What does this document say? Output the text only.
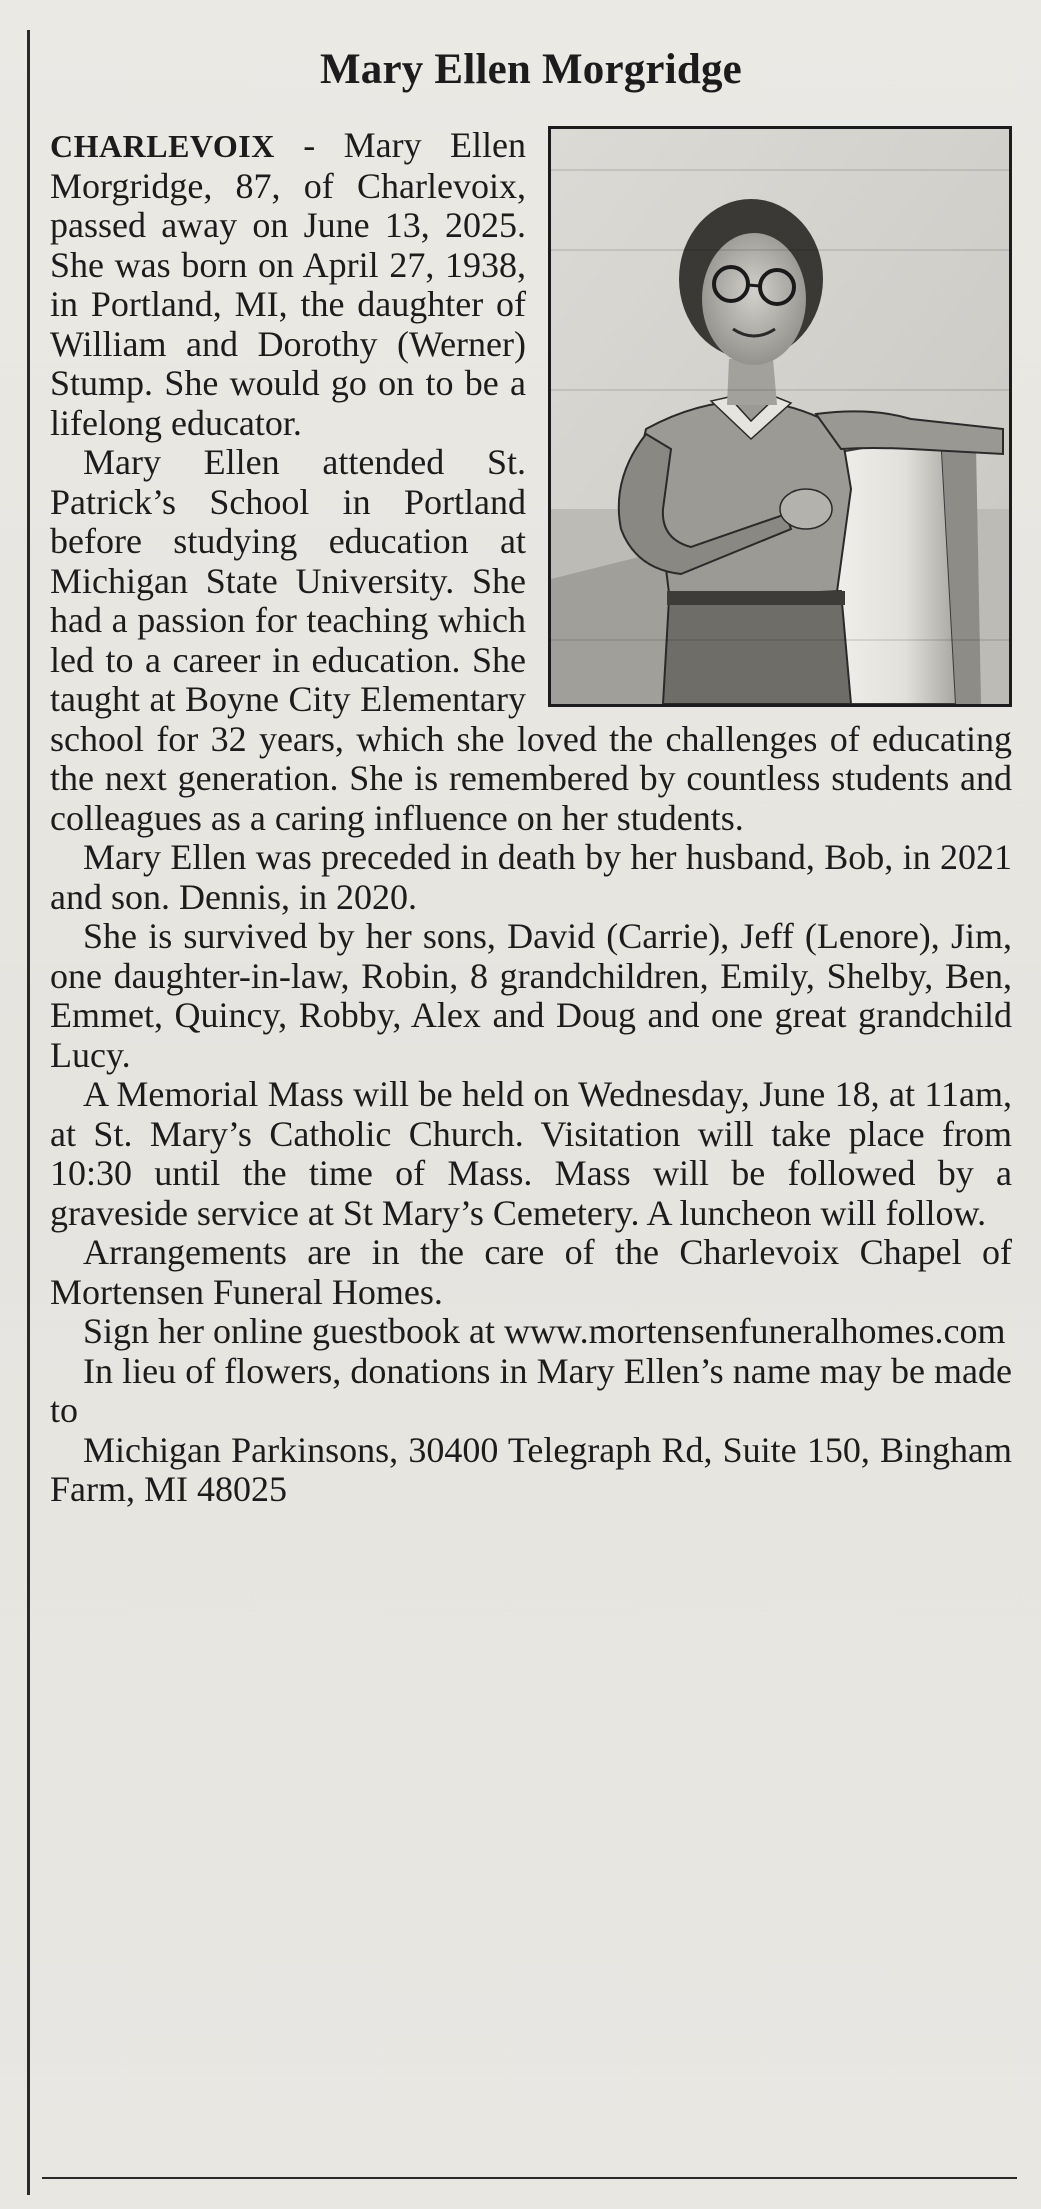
Mary Ellen Morgridge

CHARLEVOIX - Mary Ellen Morgridge, 87, of Charlevoix, passed away on June 13, 2025. She was born on April 27, 1938, in Portland, MI, the daughter of William and Dorothy (Werner) Stump. She would go on to be a lifelong educator.

Mary Ellen attended St. Patrick’s School in Portland before studying education at Michigan State University. She had a passion for teaching which led to a career in education. She taught at Boyne City Elementary school for 32 years, which she loved the challenges of educating the next generation. She is remembered by countless students and colleagues as a caring influence on her students.

Mary Ellen was preceded in death by her husband, Bob, in 2021 and son. Dennis, in 2020.

She is survived by her sons, David (Carrie), Jeff (Lenore), Jim, one daughter-in-law, Robin, 8 grandchildren, Emily, Shelby, Ben, Emmet, Quincy, Robby, Alex and Doug and one great grandchild Lucy.

A Memorial Mass will be held on Wednesday, June 18, at 11am, at St. Mary’s Catholic Church. Visitation will take place from 10:30 until the time of Mass. Mass will be followed by a graveside service at St Mary’s Cemetery. A luncheon will follow.

Arrangements are in the care of the Charlevoix Chapel of Mortensen Funeral Homes.

Sign her online guestbook at www.mortensenfuneralhomes.com

In lieu of flowers, donations in Mary Ellen’s name may be made to

Michigan Parkinsons, 30400 Telegraph Rd, Suite 150, Bingham Farm, MI 48025
